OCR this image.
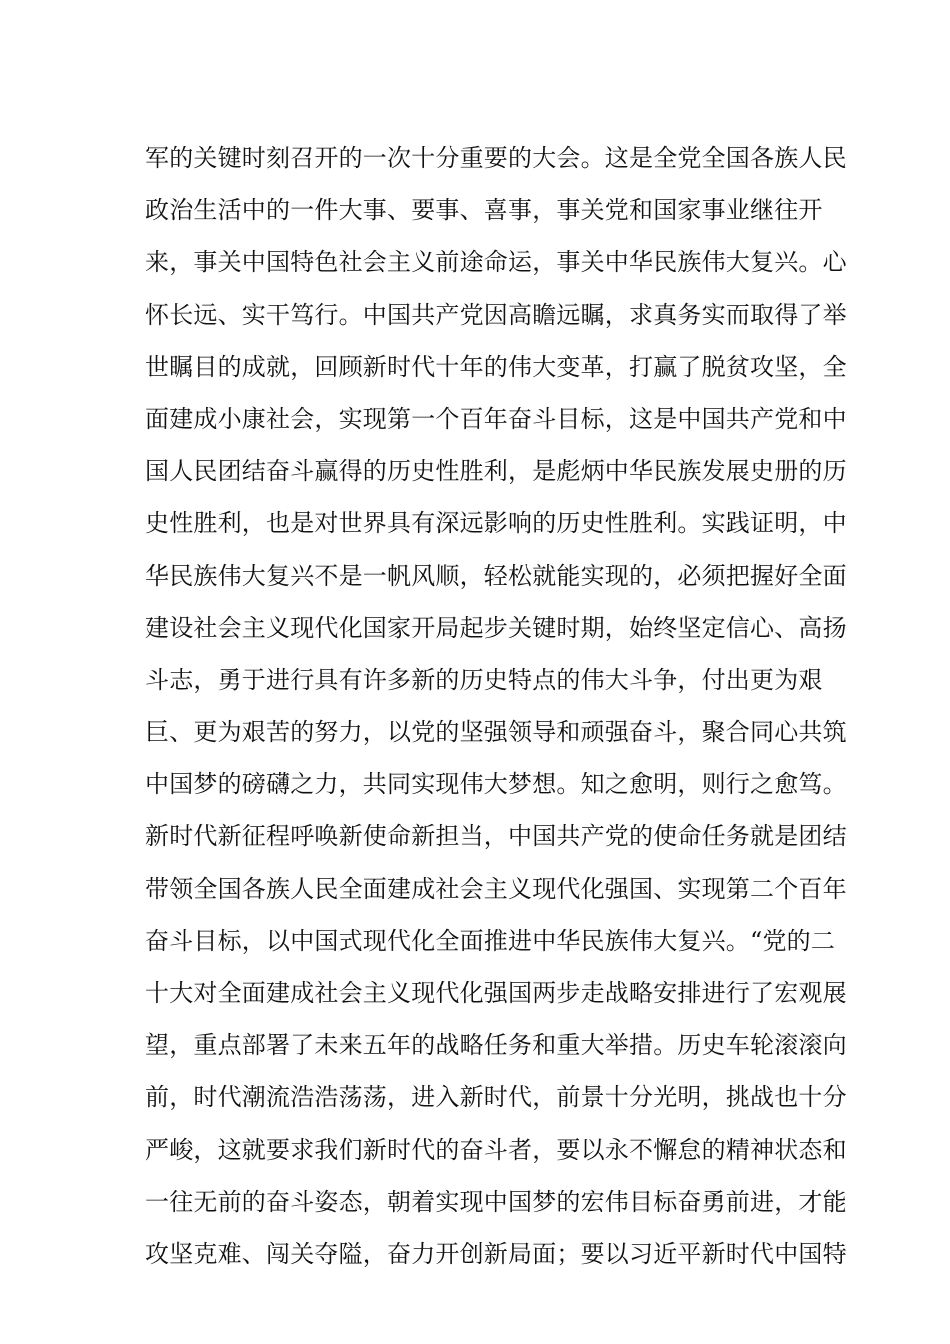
军的关键时刻召开的一次十分重要的大会。这是全党全国各族人民
政治生活中的一件大事、要事、喜事，事关党和国家事业继往开
来，事关中国特色社会主义前途命运，事关中华民族伟大复兴。心
怀长远、实干笃行。中国共产党因高瞻远瞩，求真务实而取得了举
世瞩目的成就，回顾新时代十年的伟大变革，打赢了脱贫攻坚，全
面建成小康社会，实现第一个百年奋斗目标，这是中国共产党和中
国人民团结奋斗赢得的历史性胜利，是彪炳中华民族发展史册的历
史性胜利，也是对世界具有深远影响的历史性胜利。实践证明，中
华民族伟大复兴不是一帆风顺，轻松就能实现的，必须把握好全面
建设社会主义现代化国家开局起步关键时期，始终坚定信心、高扬
斗志，勇于进行具有许多新的历史特点的伟大斗争，付出更为艰
巨、更为艰苦的努力，以党的坚强领导和顽强奋斗，聚合同心共筑
中国梦的磅礴之力，共同实现伟大梦想。知之愈明，则行之愈笃。
新时代新征程呼唤新使命新担当，中国共产党的使命任务就是团结
带领全国各族人民全面建成社会主义现代化强国、实现第二个百年
奋斗目标，以中国式现代化全面推进中华民族伟大复兴。“党的二
十大对全面建成社会主义现代化强国两步走战略安排进行了宏观展
望，重点部署了未来五年的战略任务和重大举措。历史车轮滚滚向
前，时代潮流浩浩荡荡，进入新时代，前景十分光明，挑战也十分
严峻，这就要求我们新时代的奋斗者，要以永不懈怠的精神状态和
一往无前的奋斗姿态，朝着实现中国梦的宏伟目标奋勇前进，才能
攻坚克难、闯关夺隘，奋力开创新局面；要以习近平新时代中国特
